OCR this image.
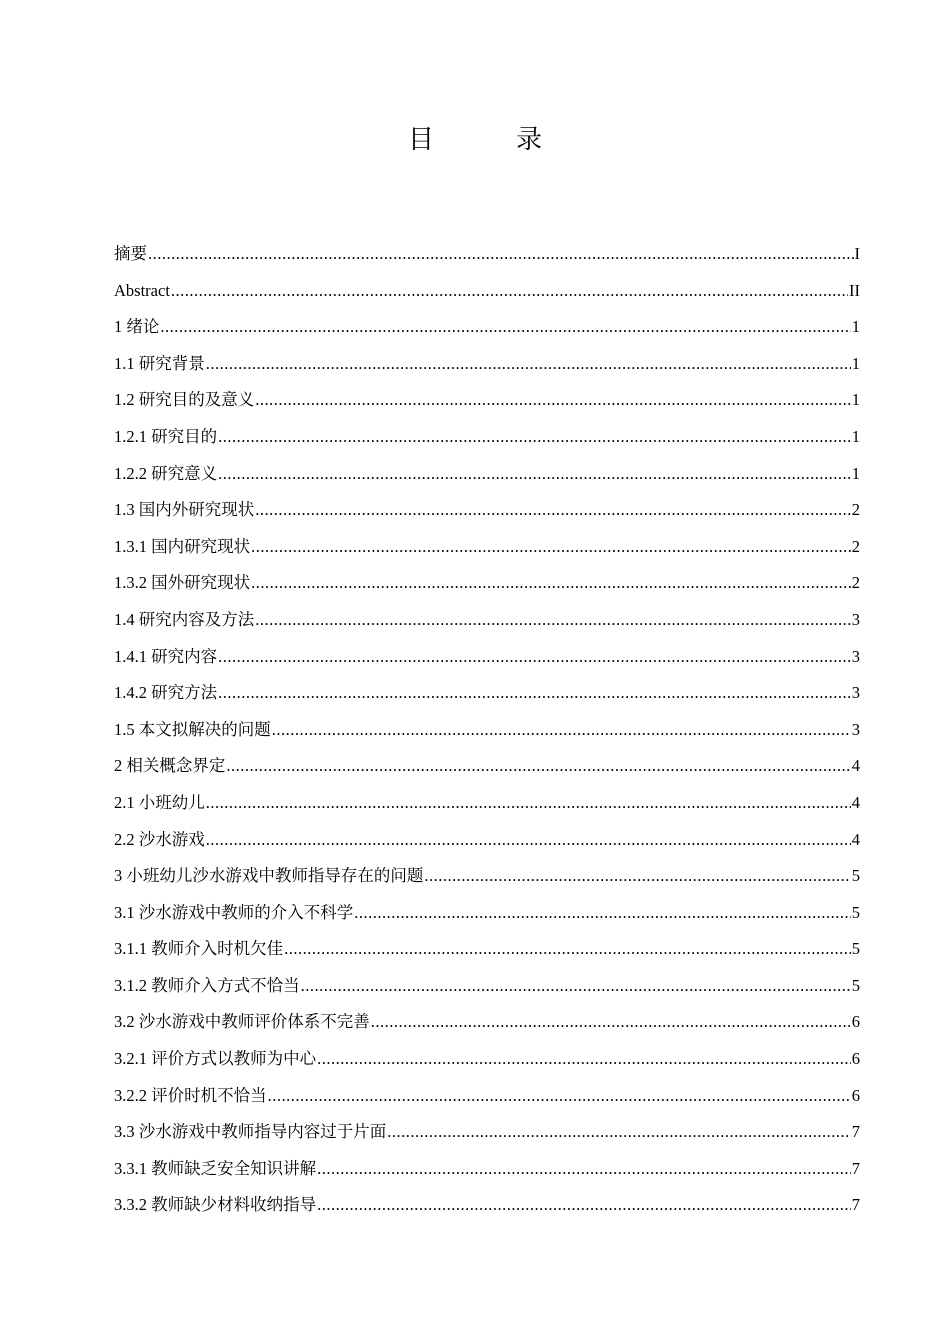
目　录
摘要 .....	I
Abstract .....	II
1 绪论 .....	1
1.1 研究背景 .....	1
1.2 研究目的及意义 .....	1
1.2.1 研究目的 .....	1
1.2.2 研究意义 .....	1
1.3 国内外研究现状 .....	2
1.3.1 国内研究现状 .....	2
1.3.2 国外研究现状 .....	2
1.4 研究内容及方法 .....	3
1.4.1 研究内容 .....	3
1.4.2 研究方法 .....	3
1.5 本文拟解决的问题 .....	3
2 相关概念界定 .....	4
2.1 小班幼儿 .....	4
2.2 沙水游戏 .....	4
3 小班幼儿沙水游戏中教师指导存在的问题 .....	5
3.1 沙水游戏中教师的介入不科学 .....	5
3.1.1 教师介入时机欠佳 .....	5
3.1.2 教师介入方式不恰当 .....	5
3.2 沙水游戏中教师评价体系不完善 .....	6
3.2.1 评价方式以教师为中心 .....	6
3.2.2 评价时机不恰当 .....	6
3.3 沙水游戏中教师指导内容过于片面 .....	7
3.3.1 教师缺乏安全知识讲解 .....	7
3.3.2 教师缺少材料收纳指导 .....	7
